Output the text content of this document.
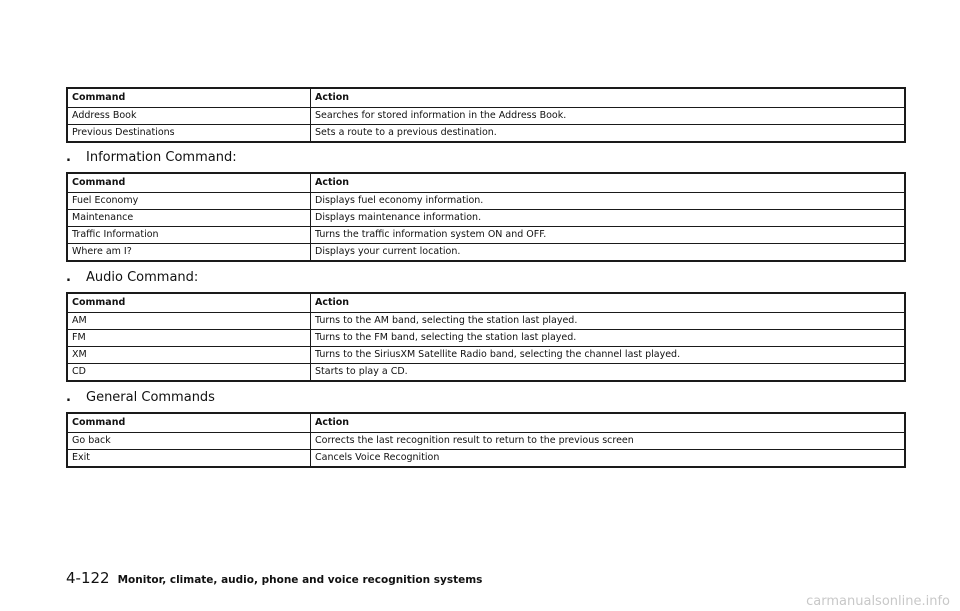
Command	Action
Address Book	Searches for stored information in the Address Book.
Previous Destinations	Sets a route to a previous destination.
. Information Command:
Command	Action
Fuel Economy	Displays fuel economy information.
Maintenance	Displays maintenance information.
Traffic Information	Turns the traffic information system ON and OFF.
Where am I?	Displays your current location.
. Audio Command:
Command	Action
AM	Turns to the AM band, selecting the station last played.
FM	Turns to the FM band, selecting the station last played.
XM	Turns to the SiriusXM Satellite Radio band, selecting the channel last played.
CD	Starts to play a CD.
. General Commands
Command	Action
Go back	Corrects the last recognition result to return to the previous screen
Exit	Cancels Voice Recognition
4-122 Monitor, climate, audio, phone and voice recognition systems
carmanualsonline.info
